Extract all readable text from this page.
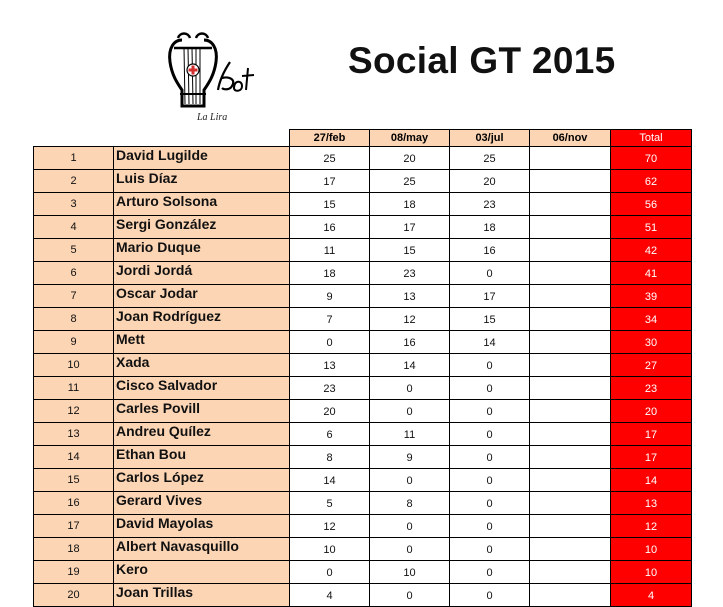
La Lira
Social GT 2015
		27/feb	08/may	03/jul	06/nov	Total
1	David Lugilde	25	20	25		70
2	Luis Díaz	17	25	20		62
3	Arturo Solsona	15	18	23		56
4	Sergi González	16	17	18		51
5	Mario Duque	11	15	16		42
6	Jordi Jordá	18	23	0		41
7	Oscar Jodar	9	13	17		39
8	Joan Rodríguez	7	12	15		34
9	Mett	0	16	14		30
10	Xada	13	14	0		27
11	Cisco Salvador	23	0	0		23
12	Carles Povill	20	0	0		20
13	Andreu Quílez	6	11	0		17
14	Ethan Bou	8	9	0		17
15	Carlos López	14	0	0		14
16	Gerard Vives	5	8	0		13
17	David Mayolas	12	0	0		12
18	Albert Navasquillo	10	0	0		10
19	Kero	0	10	0		10
20	Joan Trillas	4	0	0		4
